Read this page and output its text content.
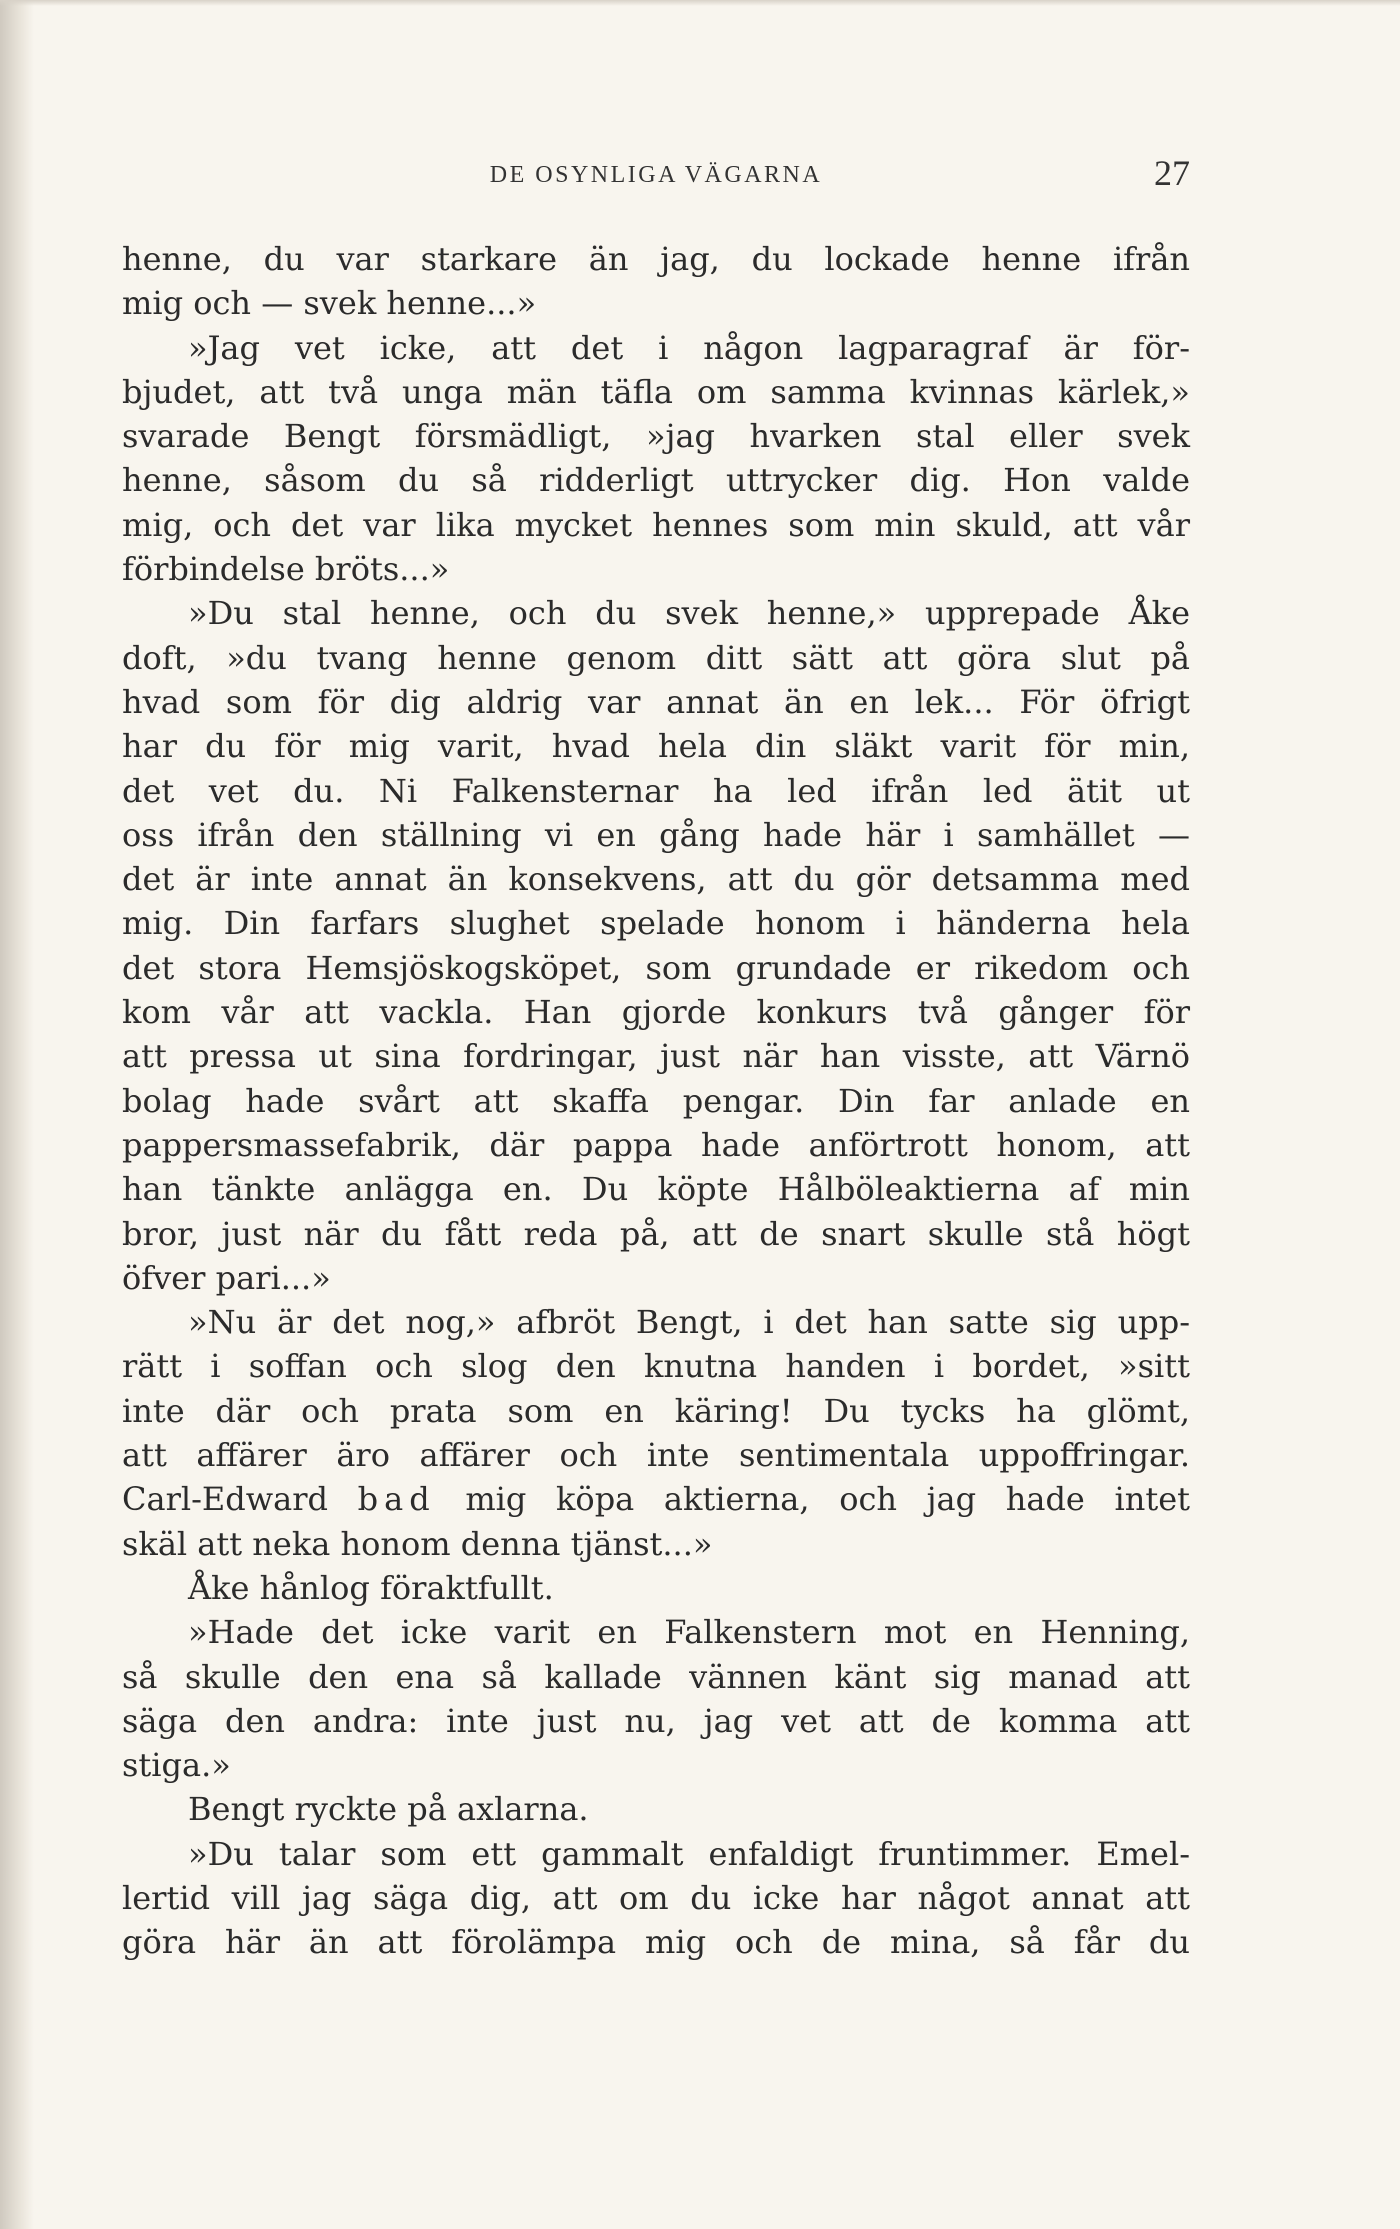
DE OSYNLIGA VÄGARNA	27
henne, du var starkare än jag, du lockade henne ifrån
mig och — svek henne...»
»Jag vet icke, att det i någon lagparagraf är för-
bjudet, att två unga män täfla om samma kvinnas kärlek,»
svarade Bengt försmädligt, »jag hvarken stal eller svek
henne, såsom du så ridderligt uttrycker dig. Hon valde
mig, och det var lika mycket hennes som min skuld, att vår
förbindelse bröts...»
»Du stal henne, och du svek henne,» upprepade Åke
doft, »du tvang henne genom ditt sätt att göra slut på
hvad som för dig aldrig var annat än en lek... För öfrigt
har du för mig varit, hvad hela din släkt varit för min,
det vet du. Ni Falkensternar ha led ifrån led ätit ut
oss ifrån den ställning vi en gång hade här i samhället —
det är inte annat än konsekvens, att du gör detsamma med
mig. Din farfars slughet spelade honom i händerna hela
det stora Hemsjöskogsköpet, som grundade er rikedom och
kom vår att vackla. Han gjorde konkurs två gånger för
att pressa ut sina fordringar, just när han visste, att Värnö
bolag hade svårt att skaffa pengar. Din far anlade en
pappersmassefabrik, där pappa hade anförtrott honom, att
han tänkte anlägga en. Du köpte Hålböleaktierna af min
bror, just när du fått reda på, att de snart skulle stå högt
öfver pari...»
»Nu är det nog,» afbröt Bengt, i det han satte sig upp-
rätt i soffan och slog den knutna handen i bordet, »sitt
inte där och prata som en käring! Du tycks ha glömt,
att affärer äro affärer och inte sentimentala uppoffringar.
Carl-Edward bad mig köpa aktierna, och jag hade intet
skäl att neka honom denna tjänst...»
Åke hånlog föraktfullt.
»Hade det icke varit en Falkenstern mot en Henning,
så skulle den ena så kallade vännen känt sig manad att
säga den andra: inte just nu, jag vet att de komma att
stiga.»
Bengt ryckte på axlarna.
»Du talar som ett gammalt enfaldigt fruntimmer. Emel-
lertid vill jag säga dig, att om du icke har något annat att
göra här än att förolämpa mig och de mina, så får du
